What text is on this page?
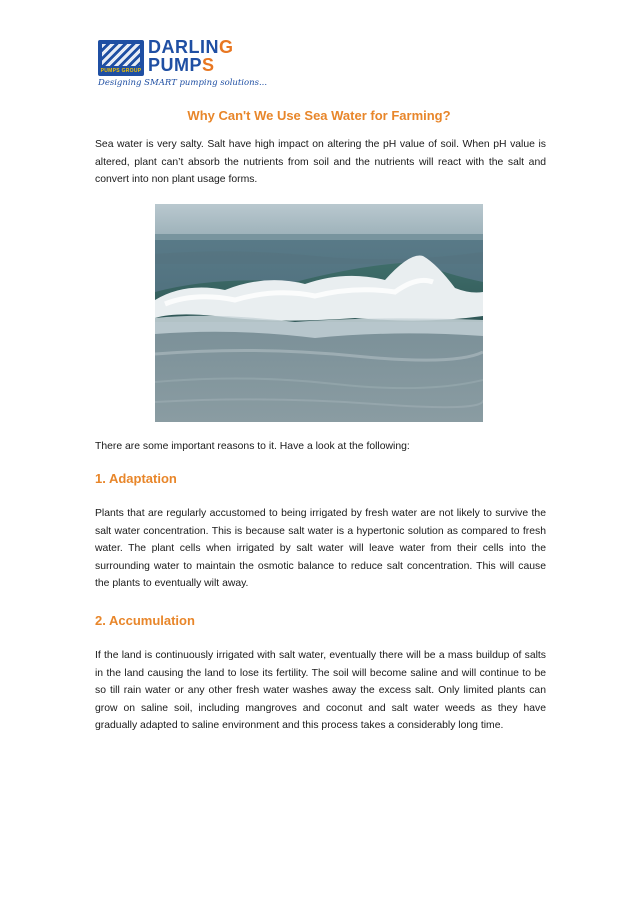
PUMPS GROUP
DARLING
PUMPS
Designing SMART pumping solutions...
Why Can't We Use Sea Water for Farming?

Sea water is very salty. Salt have high impact on altering the pH value of soil. When pH value is altered, plant can’t absorb the nutrients from soil and the nutrients will react with the salt and convert into non plant usage forms.

There are some important reasons to it. Have a look at the following:

1. Adaptation

Plants that are regularly accustomed to being irrigated by fresh water are not likely to survive the salt water concentration. This is because salt water is a hypertonic solution as compared to fresh water. The plant cells when irrigated by salt water will leave water from their cells into the surrounding water to maintain the osmotic balance to reduce salt concentration. This will cause the plants to eventually wilt away.

2. Accumulation

If the land is continuously irrigated with salt water, eventually there will be a mass buildup of salts in the land causing the land to lose its fertility. The soil will become saline and will continue to be so till rain water or any other fresh water washes away the excess salt. Only limited plants can grow on saline soil, including mangroves and coconut and salt water weeds as they have gradually adapted to saline environment and this process takes a considerably long time.
